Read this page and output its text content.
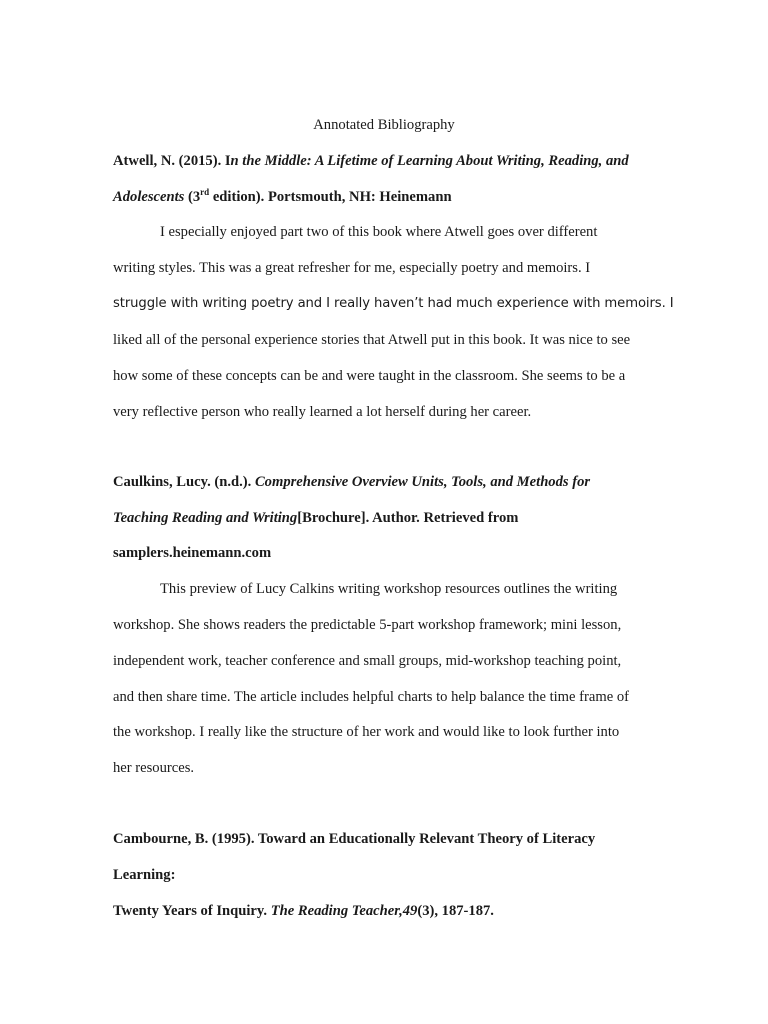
Annotated Bibliography
Atwell, N. (2015). In the Middle: A Lifetime of Learning About Writing, Reading, and
Adolescents (3rd edition). Portsmouth, NH: Heinemann
I especially enjoyed part two of this book where Atwell goes over different
writing styles. This was a great refresher for me, especially poetry and memoirs. I
struggle with writing poetry and I really haven’t had much experience with memoirs. I
liked all of the personal experience stories that Atwell put in this book. It was nice to see
how some of these concepts can be and were taught in the classroom. She seems to be a
very reflective person who really learned a lot herself during her career.
Caulkins, Lucy. (n.d.). Comprehensive Overview Units, Tools, and Methods for
Teaching Reading and Writing[Brochure]. Author. Retrieved from
samplers.heinemann.com
This preview of Lucy Calkins writing workshop resources outlines the writing
workshop. She shows readers the predictable 5-part workshop framework; mini lesson,
independent work, teacher conference and small groups, mid-workshop teaching point,
and then share time. The article includes helpful charts to help balance the time frame of
the workshop. I really like the structure of her work and would like to look further into
her resources.
Cambourne, B. (1995). Toward an Educationally Relevant Theory of Literacy
Learning:
Twenty Years of Inquiry. The Reading Teacher,49(3), 187-187.
